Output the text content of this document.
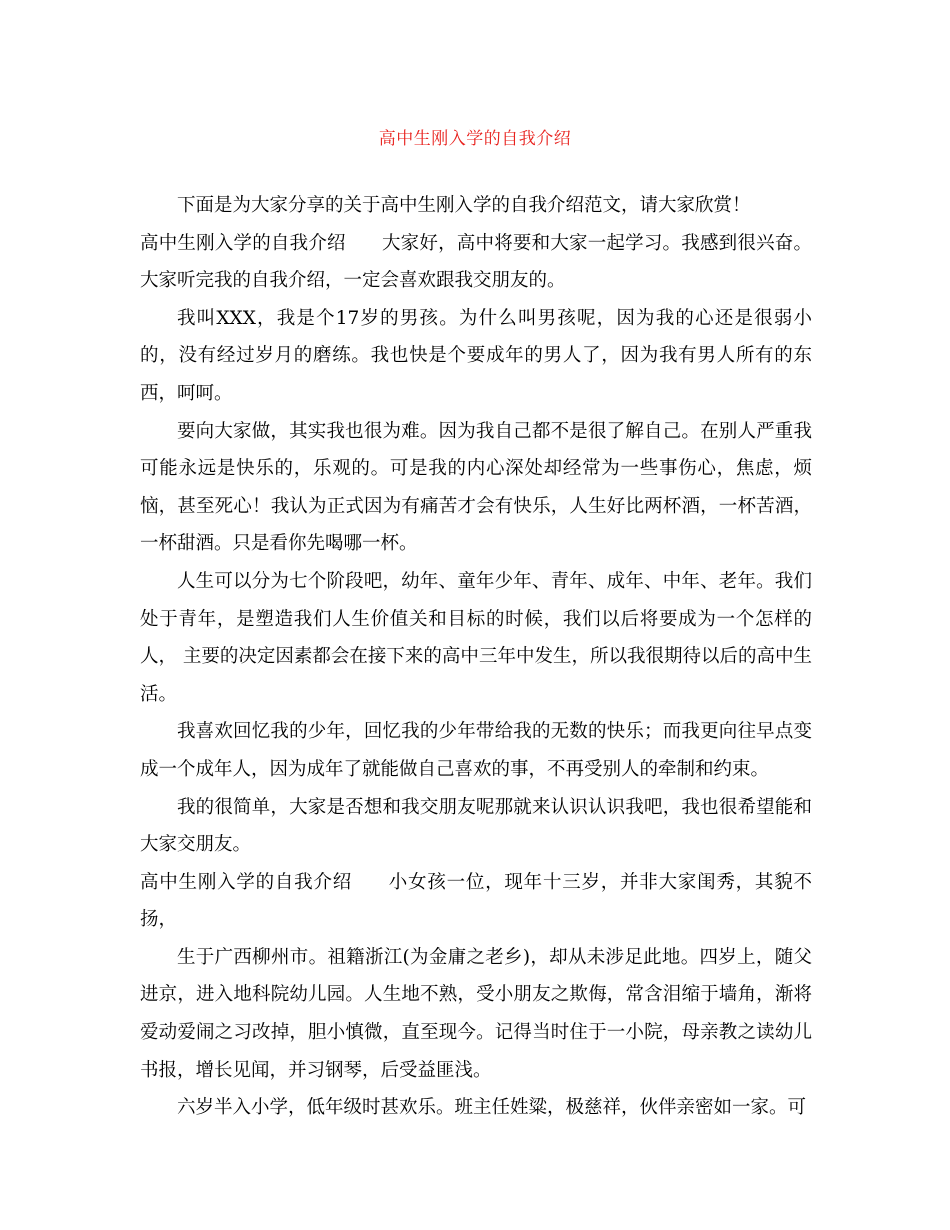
高中生刚入学的自我介绍

下面是为大家分享的关于高中生刚入学的自我介绍范文，请大家欣赏！

高中生刚入学的自我介绍 大家好，高中将要和大家一起学习。我感到很兴奋。大家听完我的自我介绍，一定会喜欢跟我交朋友的。

我叫XXX，我是个17岁的男孩。为什么叫男孩呢，因为我的心还是很弱小的，没有经过岁月的磨练。我也快是个要成年的男人了，因为我有男人所有的东西，呵呵。

要向大家做，其实我也很为难。因为我自己都不是很了解自己。在别人严重我可能永远是快乐的，乐观的。可是我的内心深处却经常为一些事伤心，焦虑，烦恼，甚至死心！我认为正式因为有痛苦才会有快乐，人生好比两杯酒，一杯苦酒，一杯甜酒。只是看你先喝哪一杯。

人生可以分为七个阶段吧，幼年、童年少年、青年、成年、中年、老年。我们处于青年，是塑造我们人生价值关和目标的时候，我们以后将要成为一个怎样的人， 主要的决定因素都会在接下来的高中三年中发生，所以我很期待以后的高中生活。

我喜欢回忆我的少年，回忆我的少年带给我的无数的快乐；而我更向往早点变成一个成年人，因为成年了就能做自己喜欢的事，不再受别人的牵制和约束。

我的很简单，大家是否想和我交朋友呢那就来认识认识我吧，我也很希望能和大家交朋友。

高中生刚入学的自我介绍 小女孩一位，现年十三岁，并非大家闺秀，其貌不扬，

生于广西柳州市。祖籍浙江(为金庸之老乡)，却从未涉足此地。四岁上，随父进京，进入地科院幼儿园。人生地不熟，受小朋友之欺侮，常含泪缩于墙角，渐将爱动爱闹之习改掉，胆小慎微，直至现今。记得当时住于一小院，母亲教之读幼儿书报，增长见闻，并习钢琴，后受益匪浅。

六岁半入小学，低年级时甚欢乐。班主任姓粱，极慈祥，伙伴亲密如一家。可
